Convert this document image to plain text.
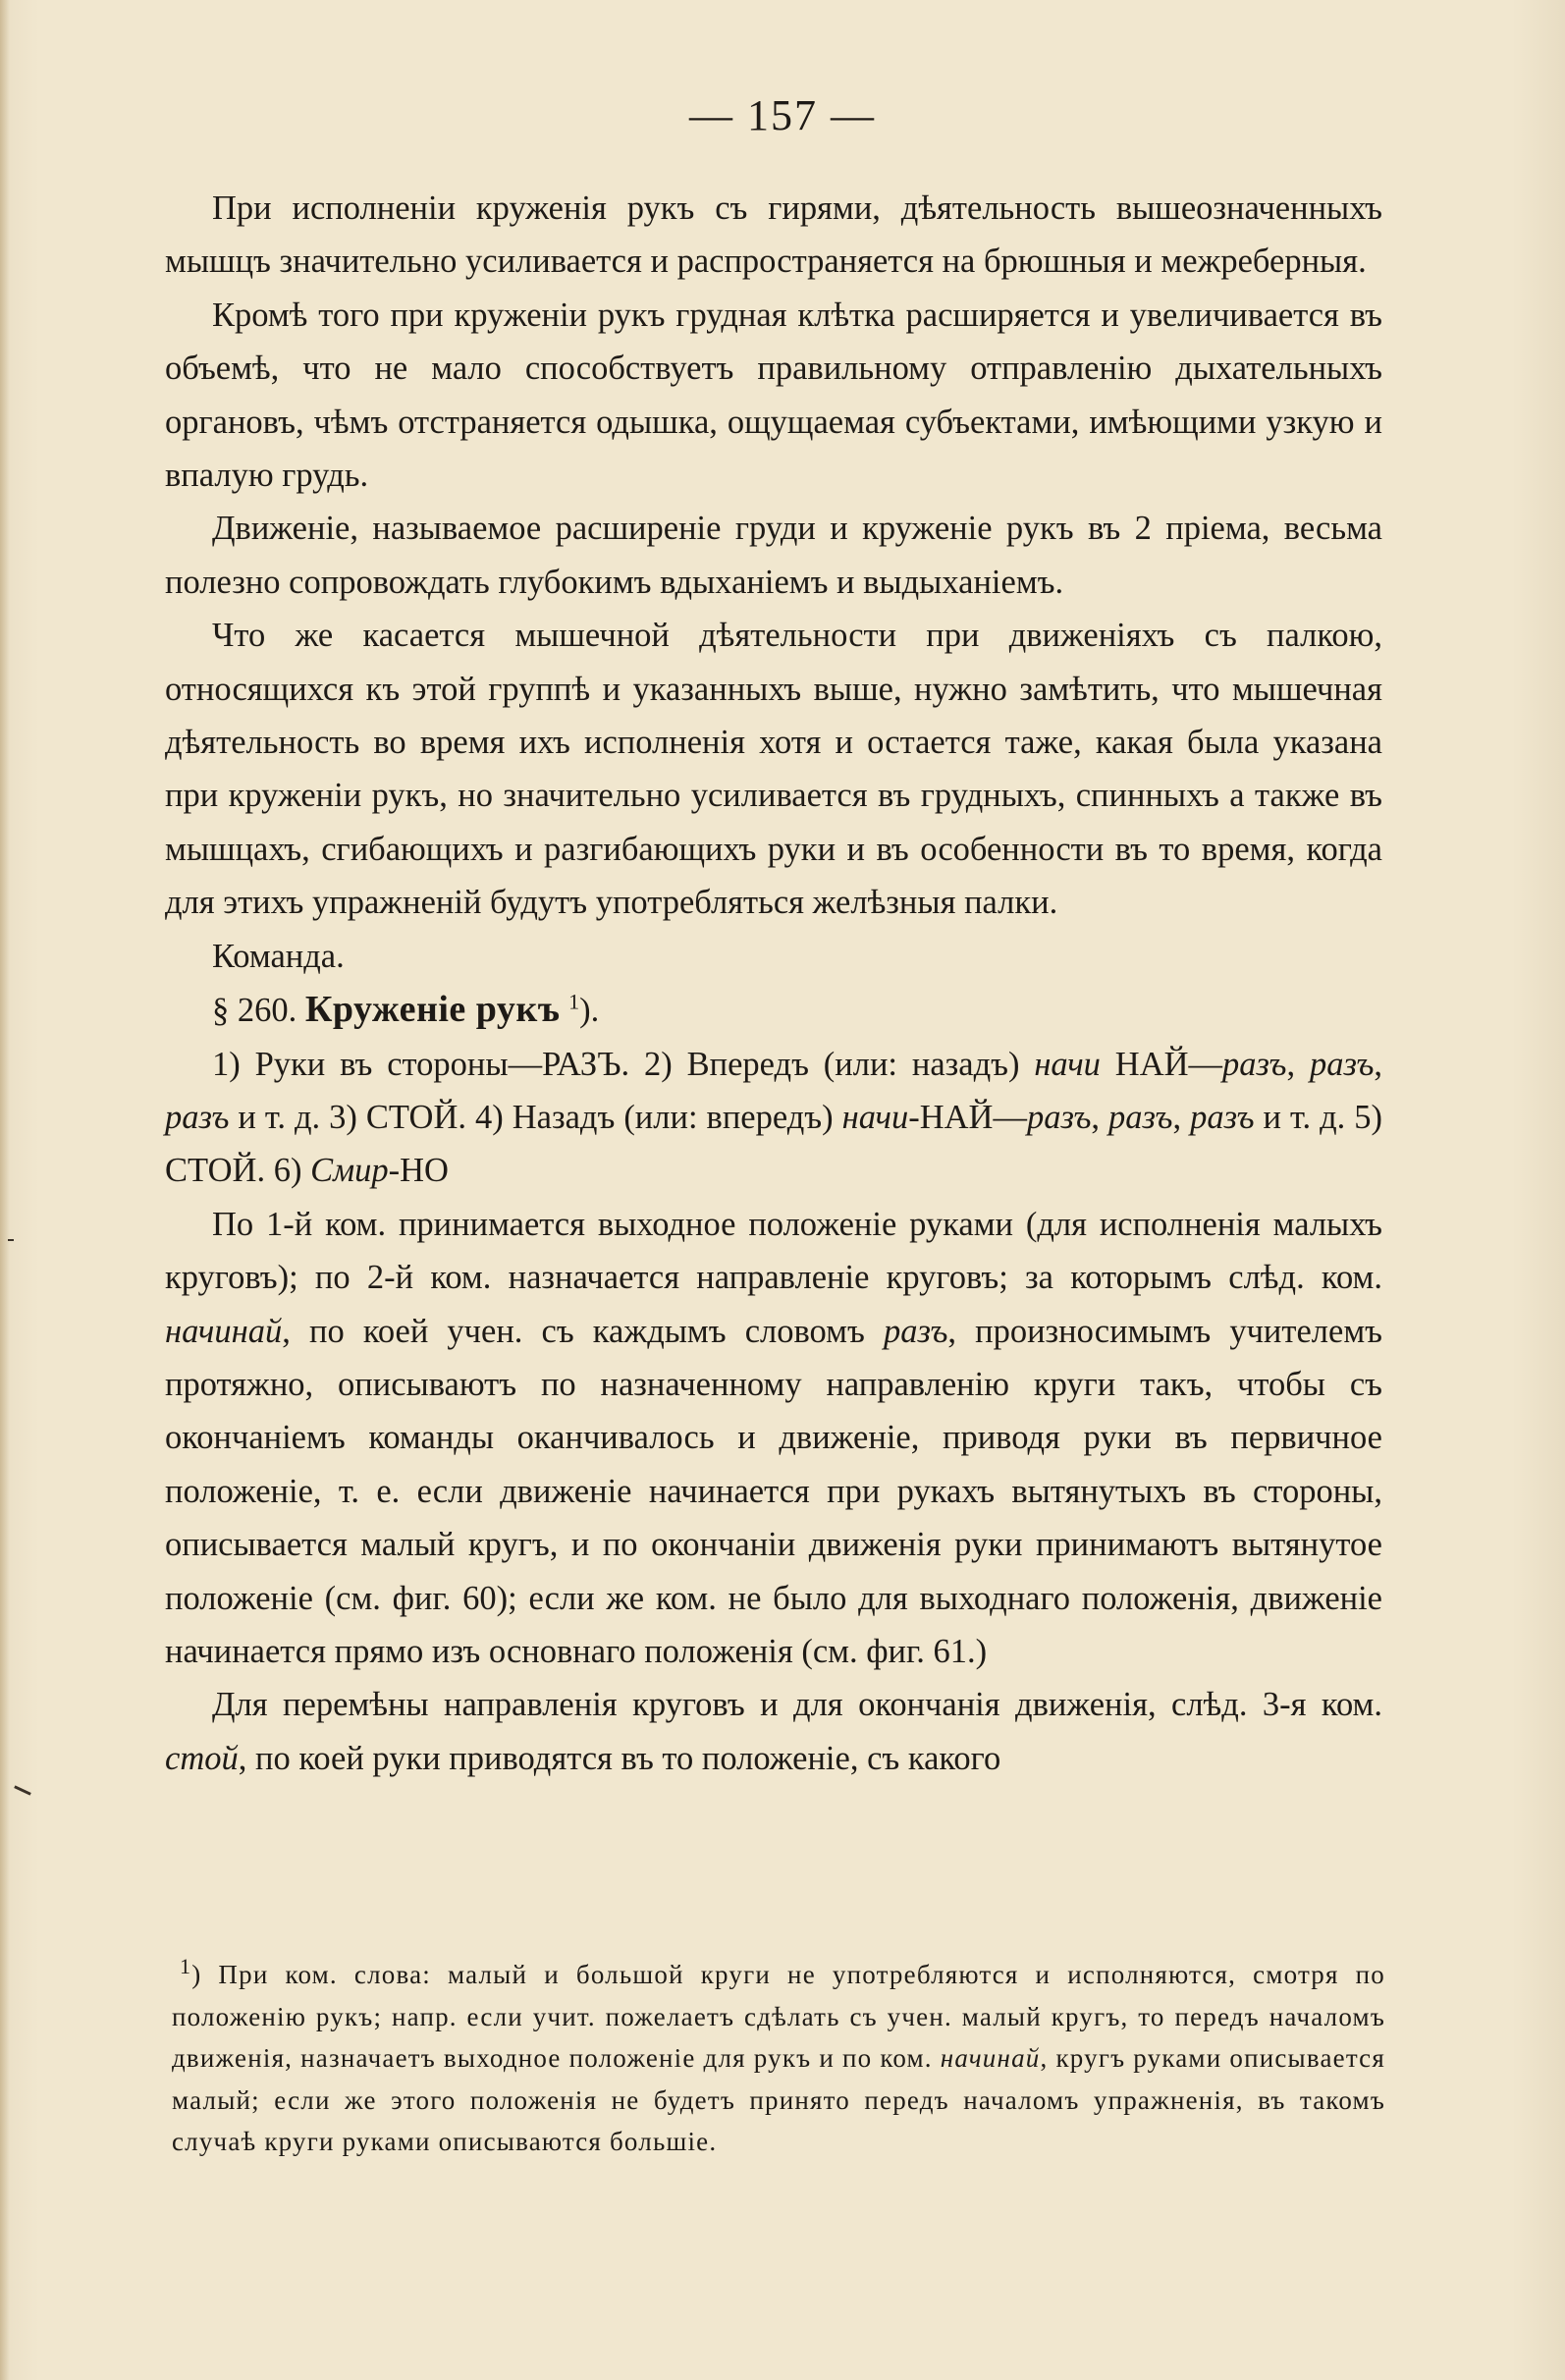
— 157 —

При исполненіи круженія рукъ съ гирями, дѣятельность вышеозначенныхъ мышцъ значительно усиливается и распространяется на брюшныя и межреберныя.

Кромѣ того при круженіи рукъ грудная клѣтка расширяется и увеличивается въ объемѣ, что не мало способствуетъ правильному отправленію дыхательныхъ органовъ, чѣмъ отстраняется одышка, ощущаемая субъектами, имѣющими узкую и впалую грудь.

Движеніе, называемое расширеніе груди и круженіе рукъ въ 2 пріема, весьма полезно сопровождать глубокимъ вдыханіемъ и выдыханіемъ.

Что же касается мышечной дѣятельности при движеніяхъ съ палкою, относящихся къ этой группѣ и указанныхъ выше, нужно замѣтить, что мышечная дѣятельность во время ихъ исполненія хотя и остается таже, какая была указана при круженіи рукъ, но значительно усиливается въ грудныхъ, спинныхъ а также въ мышцахъ, сгибающихъ и разгибающихъ руки и въ особенности въ то время, когда для этихъ упражненій будутъ употребляться желѣзныя палки.

Команда.

§ 260. Круженіе рукъ $^1$).

1) Руки въ стороны—РАЗЪ. 2) Впередъ (или: назадъ) начи НАЙ—разъ, разъ, разъ и т. д. 3) СТОЙ. 4) Назадъ (или: впередъ) начи-НАЙ—разъ, разъ, разъ и т. д. 5) СТОЙ. 6) Смир-НО

По 1-й ком. принимается выходное положеніе руками (для исполненія малыхъ круговъ); по 2-й ком. назначается направленіе круговъ; за которымъ слѣд. ком. начинай, по коей учен. съ каждымъ словомъ разъ, произносимымъ учителемъ протяжно, описываютъ по назначенному направленію круги такъ, чтобы съ окончаніемъ команды оканчивалось и движеніе, приводя руки въ первичное положеніе, т. е. если движеніе начинается при рукахъ вытянутыхъ въ стороны, описывается малый кругъ, и по окончаніи движенія руки принимаютъ вытянутое положеніе (см. фиг. 60); если же ком. не было для выходнаго положенія, движеніе начинается прямо изъ основнаго положенія (см. фиг. 61.)

Для перемѣны направленія круговъ и для окончанія движенія, слѣд. 3-я ком. стой, по коей руки приводятся въ то положеніе, съ какого

$^1$) При ком. слова: малый и большой круги не употребляются и исполняются, смотря по положенію рукъ; напр. если учит. пожелаетъ сдѣлать съ учен. малый кругъ, то передъ началомъ движенія, назначаетъ выходное положеніе для рукъ и по ком. начинай, кругъ руками описывается малый; если же этого положенія не будетъ принято передъ началомъ упражненія, въ такомъ случаѣ круги руками описываются большіе.
